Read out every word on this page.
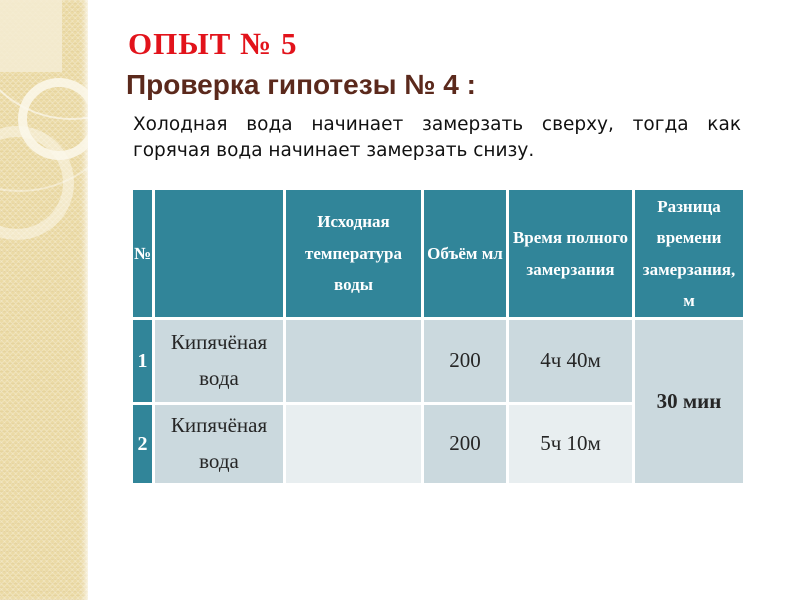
ОПЫТ № 5
Проверка гипотезы № 4 :
Холодная вода начинает замерзать сверху, тогда как горячая вода начинает замерзать снизу.
№		Исходная температура воды	Объём мл	Время полного замерзания	Разница времени замерзания, м
1	Кипячёная вода		200	4ч 40м	30 мин
2	Кипячёная вода		200	5ч 10м	
